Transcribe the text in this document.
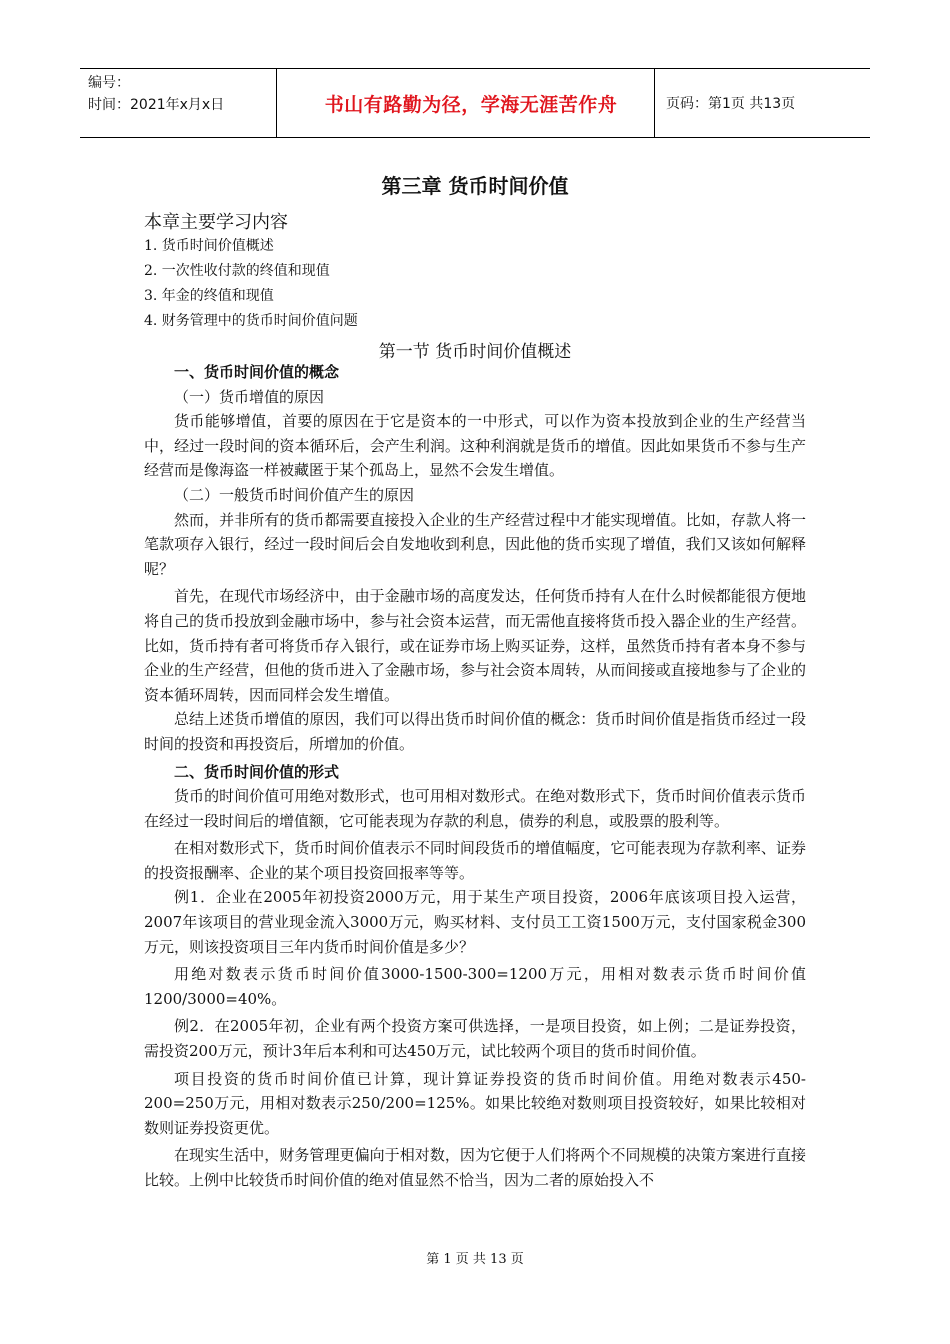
编号：
时间：2021年x月x日	书山有路勤为径，学海无涯苦作舟	页码：第1页 共13页
第三章 货币时间价值
本章主要学习内容
1. 货币时间价值概述
2. 一次性收付款的终值和现值
3. 年金的终值和现值
4. 财务管理中的货币时间价值问题
第一节 货币时间价值概述

一、货币时间价值的概念

（一）货币增值的原因

货币能够增值，首要的原因在于它是资本的一中形式，可以作为资本投放到企业的生产经营当中，经过一段时间的资本循环后，会产生利润。这种利润就是货币的增值。因此如果货币不参与生产经营而是像海盗一样被藏匿于某个孤岛上，显然不会发生增值。

（二）一般货币时间价值产生的原因

然而，并非所有的货币都需要直接投入企业的生产经营过程中才能实现增值。比如，存款人将一笔款项存入银行，经过一段时间后会自发地收到利息，因此他的货币实现了增值，我们又该如何解释呢？

首先，在现代市场经济中，由于金融市场的高度发达，任何货币持有人在什么时候都能很方便地将自己的货币投放到金融市场中，参与社会资本运营，而无需他直接将货币投入器企业的生产经营。比如，货币持有者可将货币存入银行，或在证券市场上购买证券，这样，虽然货币持有者本身不参与企业的生产经营，但他的货币进入了金融市场，参与社会资本周转，从而间接或直接地参与了企业的资本循环周转，因而同样会发生增值。

总结上述货币增值的原因，我们可以得出货币时间价值的概念：货币时间价值是指货币经过一段时间的投资和再投资后，所增加的价值。

二、货币时间价值的形式

货币的时间价值可用绝对数形式，也可用相对数形式。在绝对数形式下，货币时间价值表示货币在经过一段时间后的增值额，它可能表现为存款的利息，债券的利息，或股票的股利等。

在相对数形式下，货币时间价值表示不同时间段货币的增值幅度，它可能表现为存款利率、证券的投资报酬率、企业的某个项目投资回报率等等。

例1．企业在2005年初投资2000万元，用于某生产项目投资，2006年底该项目投入运营，2007年该项目的营业现金流入3000万元，购买材料、支付员工工资1500万元，支付国家税金300万元，则该投资项目三年内货币时间价值是多少？

用绝对数表示货币时间价值3000-1500-300=1200万元，用相对数表示货币时间价值1200/3000=40%。

例2．在2005年初，企业有两个投资方案可供选择，一是项目投资，如上例；二是证券投资，需投资200万元，预计3年后本利和可达450万元，试比较两个项目的货币时间价值。

项目投资的货币时间价值已计算，现计算证券投资的货币时间价值。用绝对数表示450-200=250万元，用相对数表示250/200=125%。如果比较绝对数则项目投资较好，如果比较相对数则证券投资更优。

在现实生活中，财务管理更偏向于相对数，因为它便于人们将两个不同规模的决策方案进行直接比较。上例中比较货币时间价值的绝对值显然不恰当，因为二者的原始投入不

第 1 页 共 13 页
